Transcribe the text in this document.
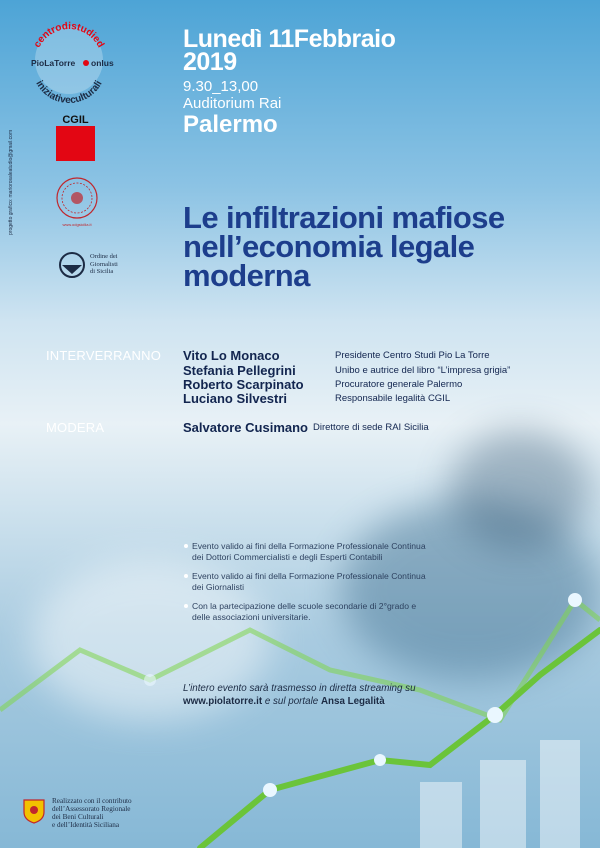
centrodistudied
iniziativeculturali
PioLaTorre onlus
CGIL
www.odgsicilia.it
Ordine dei
Giornalisti
di Sicilia
progetto grafico: mariorosaleatudio@gmail.com
Lunedì 11Febbraio
2019
9.30_13,00
Auditorium Rai
Palermo
Le infiltrazioni mafiose
nell’economia legale
moderna
INTERVERRANNO Vito Lo Monaco	Presidente Centro Studi Pio La Torre
Stefania Pellegrini	Unibo e autrice del libro “L’impresa grigia”
Roberto Scarpinato	Procuratore generale Palermo
Luciano Silvestri	Responsabile legalità CGIL
MODERA	Salvatore Cusimano Direttore di sede RAI Sicilia
Evento valido ai fini della Formazione Professionale Continua dei Dottori Commercialisti e degli Esperti Contabili
Evento valido ai fini della Formazione Professionale Continua dei Giornalisti
Con la partecipazione delle scuole secondarie di 2°grado e delle associazioni universitarie.
L’intero evento sarà trasmesso in diretta streaming su
www.piolatorre.it e sul portale Ansa Legalità
Realizzato con il contributo
dell’Assessorato Regionale
dei Beni Culturali
e dell’Identità Siciliana
